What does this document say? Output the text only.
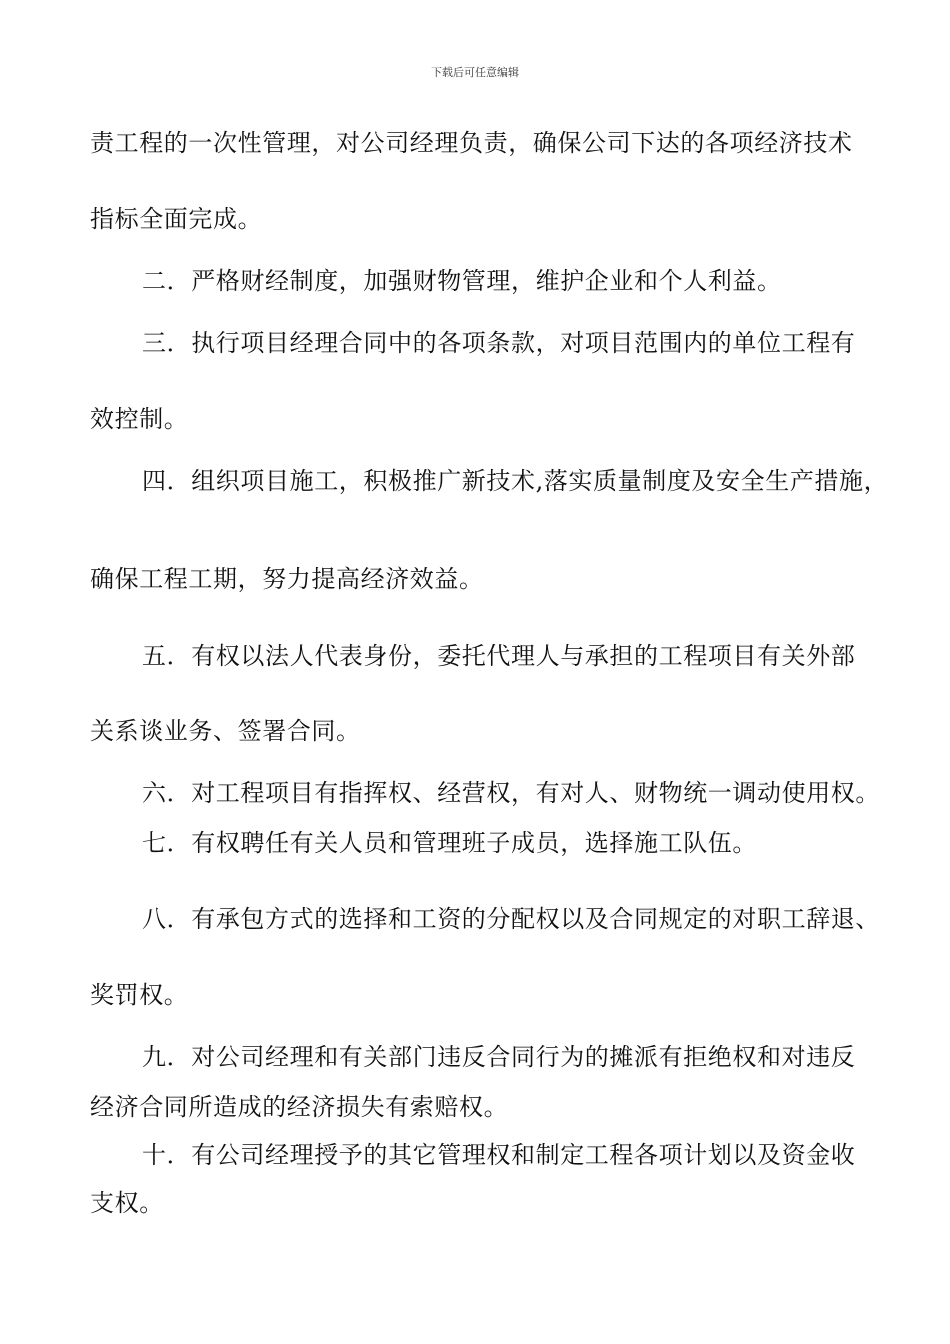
下载后可任意编辑
责工程的一次性管理，对公司经理负责，确保公司下达的各项经济技术
指标全面完成。
二．严格财经制度，加强财物管理，维护企业和个人利益。
三．执行项目经理合同中的各项条款，对项目范围内的单位工程有
效控制。
四．组织项目施工，积极推广新技术,落实质量制度及安全生产措施，
确保工程工期，努力提高经济效益。
五．有权以法人代表身份，委托代理人与承担的工程项目有关外部
关系谈业务、签署合同。
六．对工程项目有指挥权、经营权，有对人、财物统一调动使用权。
七．有权聘任有关人员和管理班子成员，选择施工队伍。
八．有承包方式的选择和工资的分配权以及合同规定的对职工辞退、
奖罚权。
九．对公司经理和有关部门违反合同行为的摊派有拒绝权和对违反
经济合同所造成的经济损失有索赔权。
十．有公司经理授予的其它管理权和制定工程各项计划以及资金收
支权。
